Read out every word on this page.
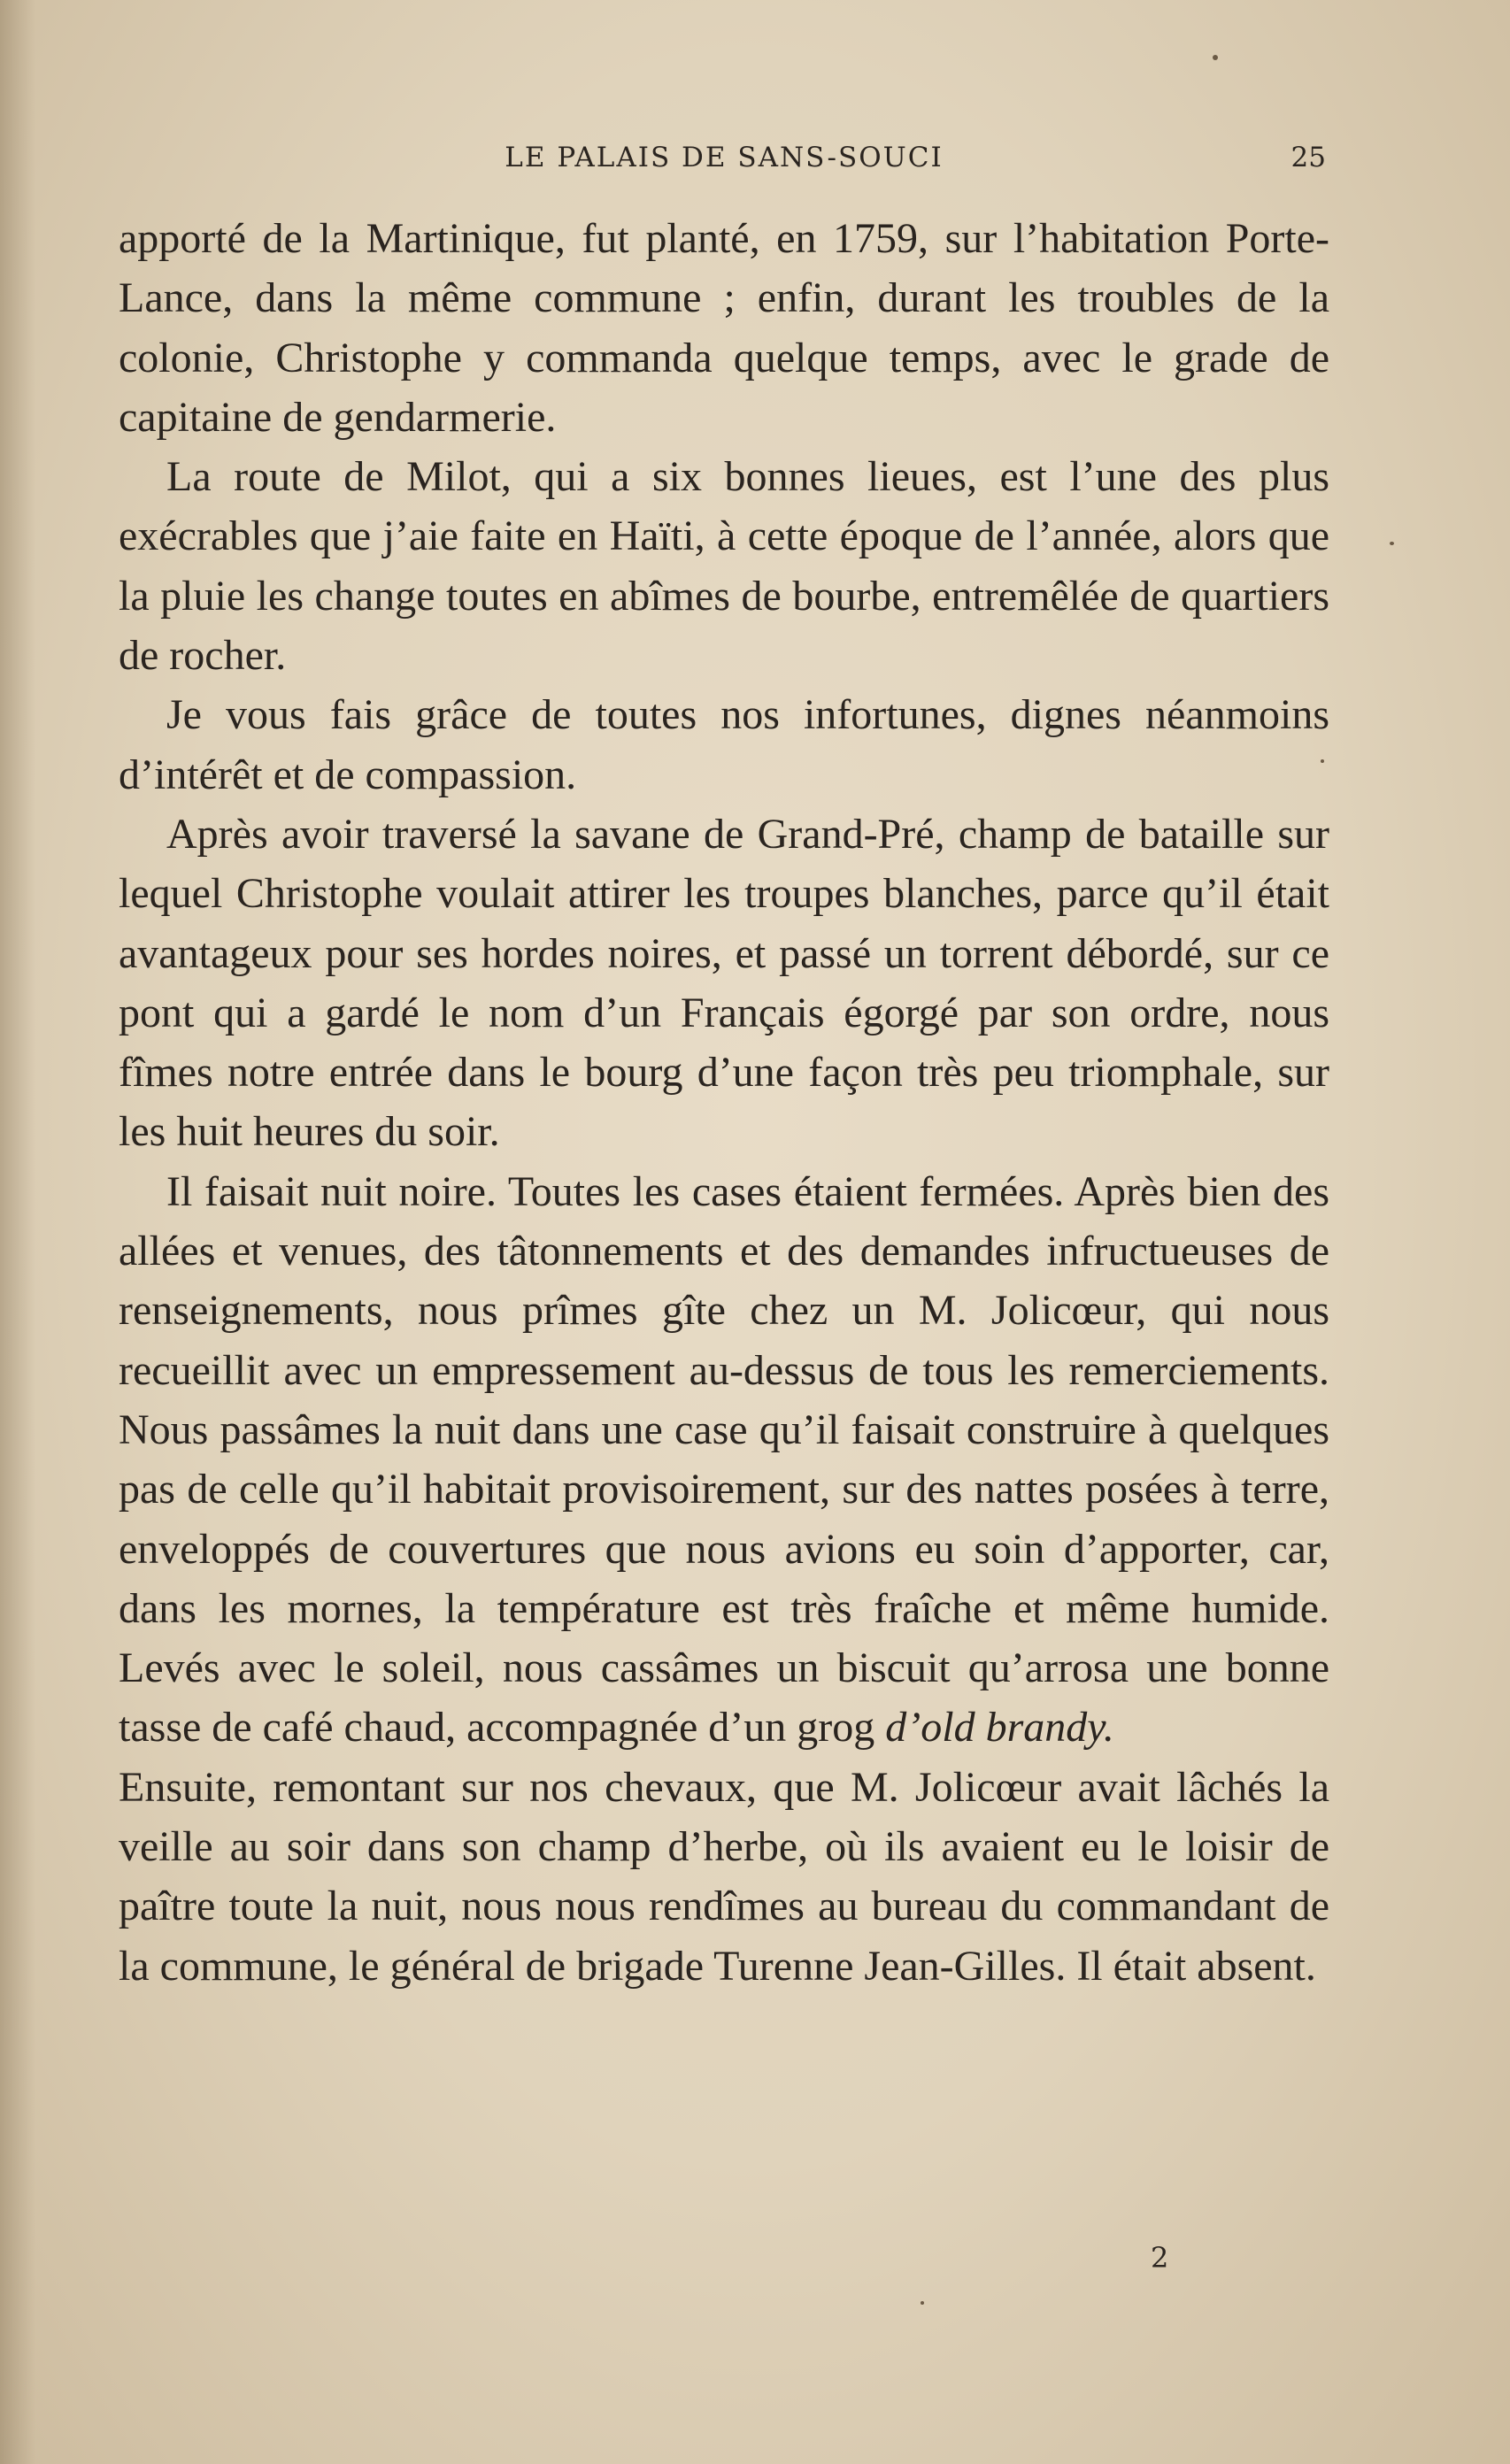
LE PALAIS DE SANS-SOUCI	25

apporté de la Martinique, fut planté, en 1759, sur l’habitation Porte-Lance, dans la même commune ; enfin, durant les troubles de la colonie, Christophe y commanda quelque temps, avec le grade de capitaine de gendarmerie.

La route de Milot, qui a six bonnes lieues, est l’une des plus exécrables que j’aie faite en Haïti, à cette époque de l’année, alors que la pluie les change toutes en abîmes de bourbe, entremêlée de quartiers de rocher.

Je vous fais grâce de toutes nos infortunes, dignes néanmoins d’intérêt et de compassion.

Après avoir traversé la savane de Grand-Pré, champ de bataille sur lequel Christophe voulait attirer les troupes blanches, parce qu’il était avantageux pour ses hordes noires, et passé un torrent débordé, sur ce pont qui a gardé le nom d’un Français égorgé par son ordre, nous fîmes notre entrée dans le bourg d’une façon très peu triomphale, sur les huit heures du soir.

Il faisait nuit noire. Toutes les cases étaient fermées. Après bien des allées et venues, des tâtonnements et des demandes infructueuses de renseignements, nous prîmes gîte chez un M. Jolicœur, qui nous recueillit avec un empressement au-dessus de tous les remerciements. Nous passâmes la nuit dans une case qu’il faisait construire à quelques pas de celle qu’il habitait provisoirement, sur des nattes posées à terre, enveloppés de couvertures que nous avions eu soin d’apporter, car, dans les mornes, la température est très fraîche et même humide. Levés avec le soleil, nous cassâmes un biscuit qu’arrosa une bonne tasse de café chaud, accompagnée d’un grog d’old brandy.

Ensuite, remontant sur nos chevaux, que M. Jolicœur avait lâchés la veille au soir dans son champ d’herbe, où ils avaient eu le loisir de paître toute la nuit, nous nous rendîmes au bureau du commandant de la commune, le général de brigade Turenne Jean-Gilles. Il était absent.

2
